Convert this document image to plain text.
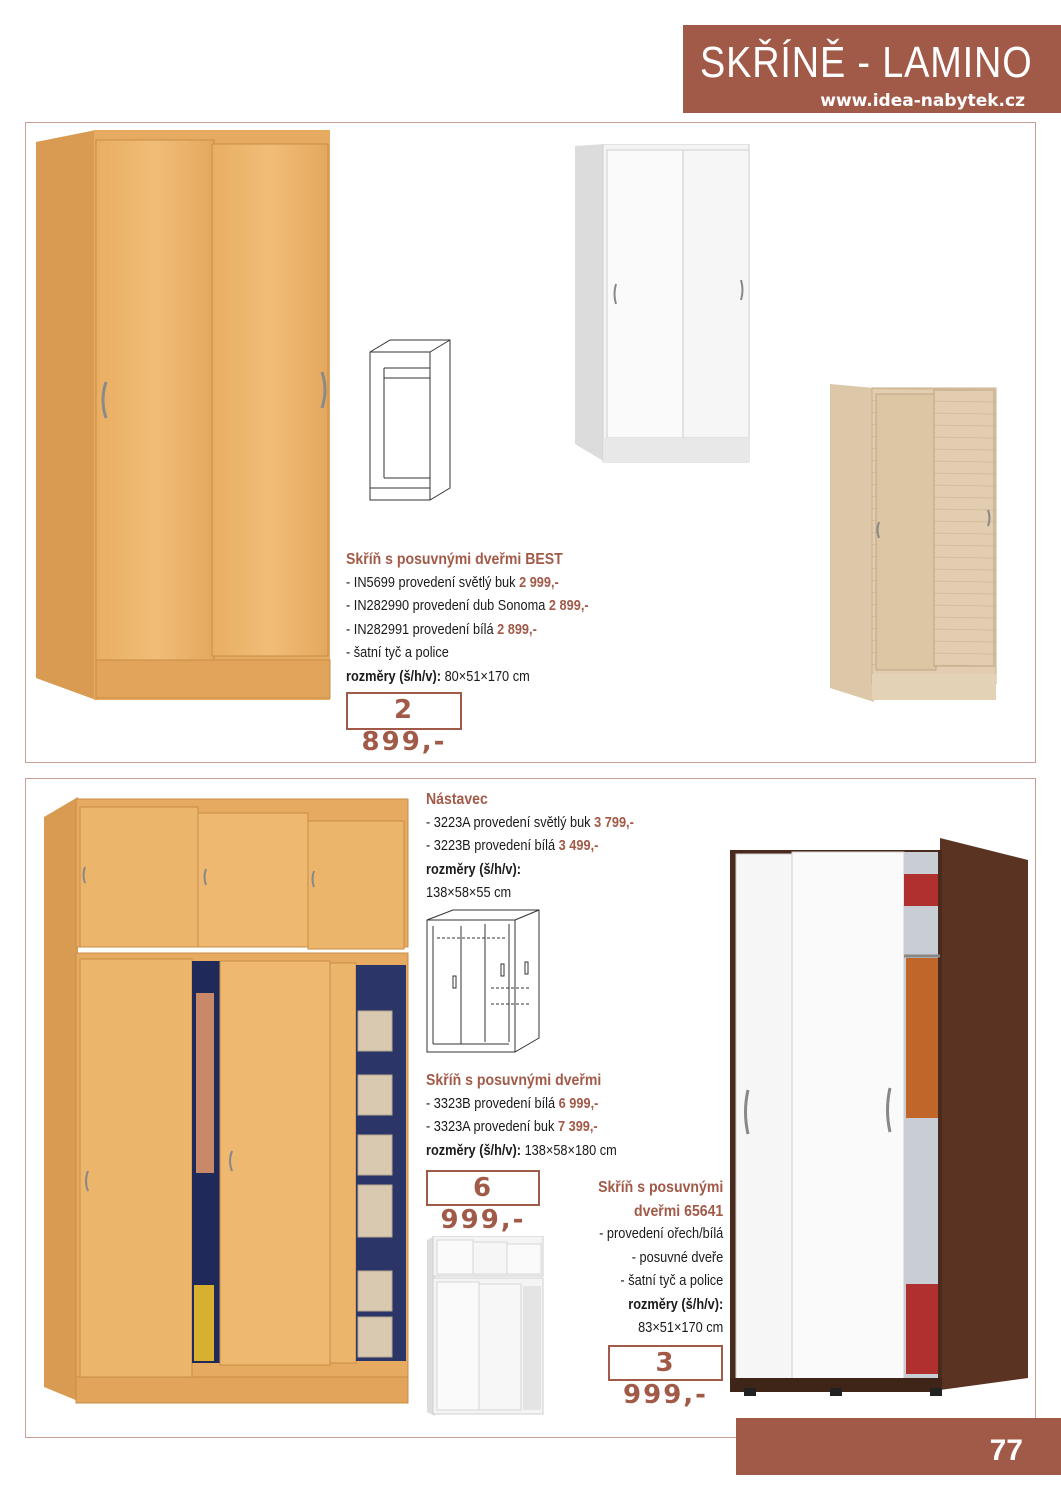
SKŘÍNĚ - LAMINO
www.idea-nabytek.cz
Skříň s posuvnými dveřmi BEST
- IN5699 provedení světlý buk 2 999,-
- IN282990 provedení dub Sonoma 2 899,-
- IN282991 provedení bílá 2 899,-
- šatní tyč a police
rozměry (š/h/v): 80×51×170 cm
2 899,-
Nástavec
- 3223A provedení světlý buk 3 799,-
- 3223B provedení bílá 3 499,-
rozměry (š/h/v):
138×58×55 cm
Skříň s posuvnými dveřmi
- 3323B provedení bílá 6 999,-
- 3323A provedení buk 7 399,-
rozměry (š/h/v): 138×58×180 cm
6 999,-
Skříň s posuvnými
dveřmi 65641
- provedení ořech/bílá
- posuvné dveře
- šatní tyč a police
rozměry (š/h/v):
83×51×170 cm
3 999,-
77
